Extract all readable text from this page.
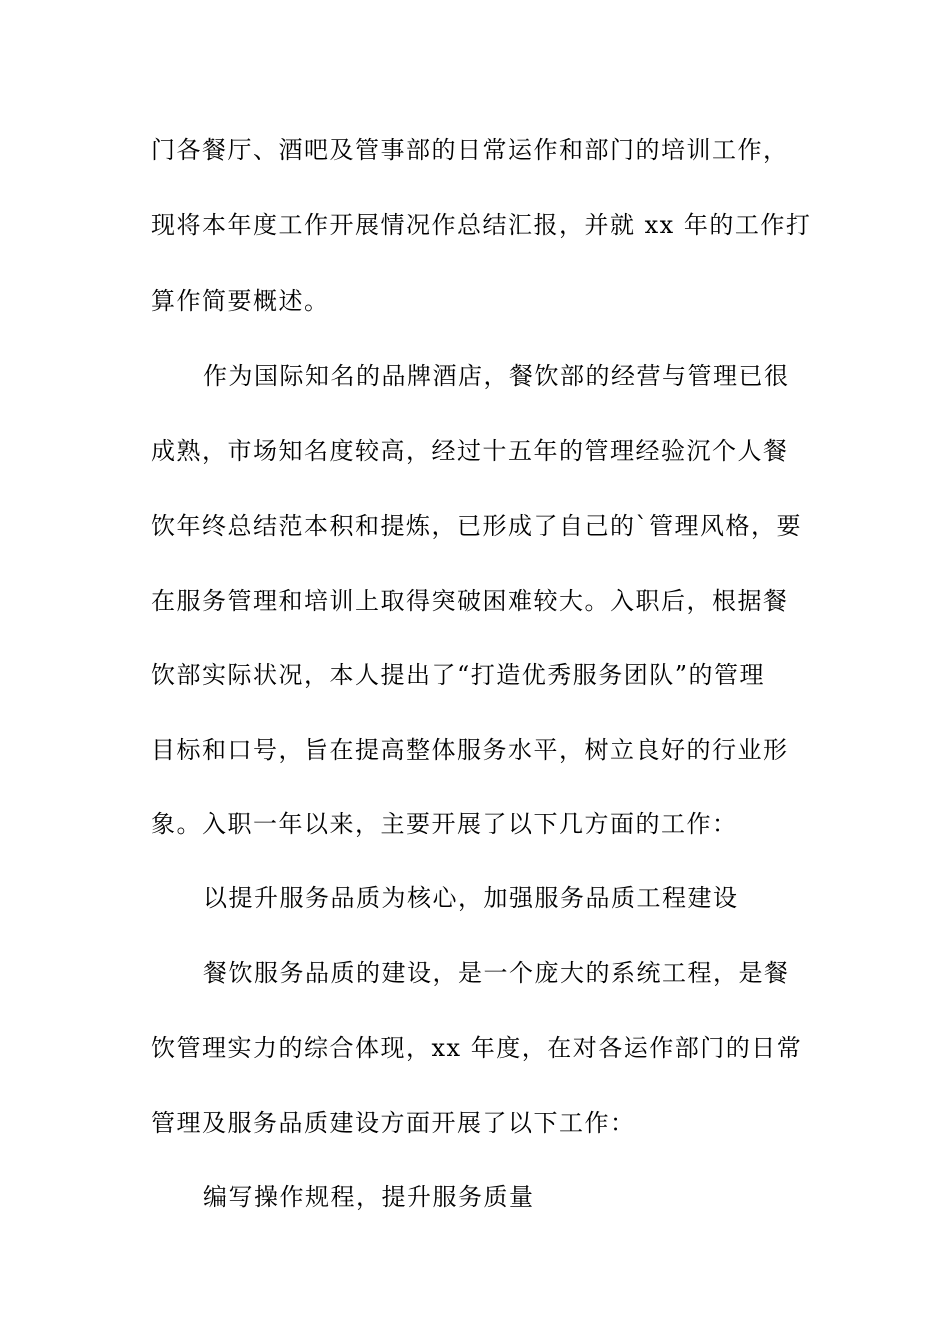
门各餐厅、酒吧及管事部的日常运作和部门的培训工作，
现将本年度工作开展情况作总结汇报，并就 xx 年的工作打
算作简要概述。
作为国际知名的品牌酒店，餐饮部的经营与管理已很
成熟，市场知名度较高，经过十五年的管理经验沉个人餐
饮年终总结范本积和提炼，已形成了自己的`管理风格，要
在服务管理和培训上取得突破困难较大。入职后，根据餐
饮部实际状况，本人提出了“打造优秀服务团队”的管理
目标和口号，旨在提高整体服务水平，树立良好的行业形
象。入职一年以来，主要开展了以下几方面的工作：
以提升服务品质为核心，加强服务品质工程建设
餐饮服务品质的建设，是一个庞大的系统工程，是餐
饮管理实力的综合体现，xx 年度，在对各运作部门的日常
管理及服务品质建设方面开展了以下工作：
编写操作规程，提升服务质量
